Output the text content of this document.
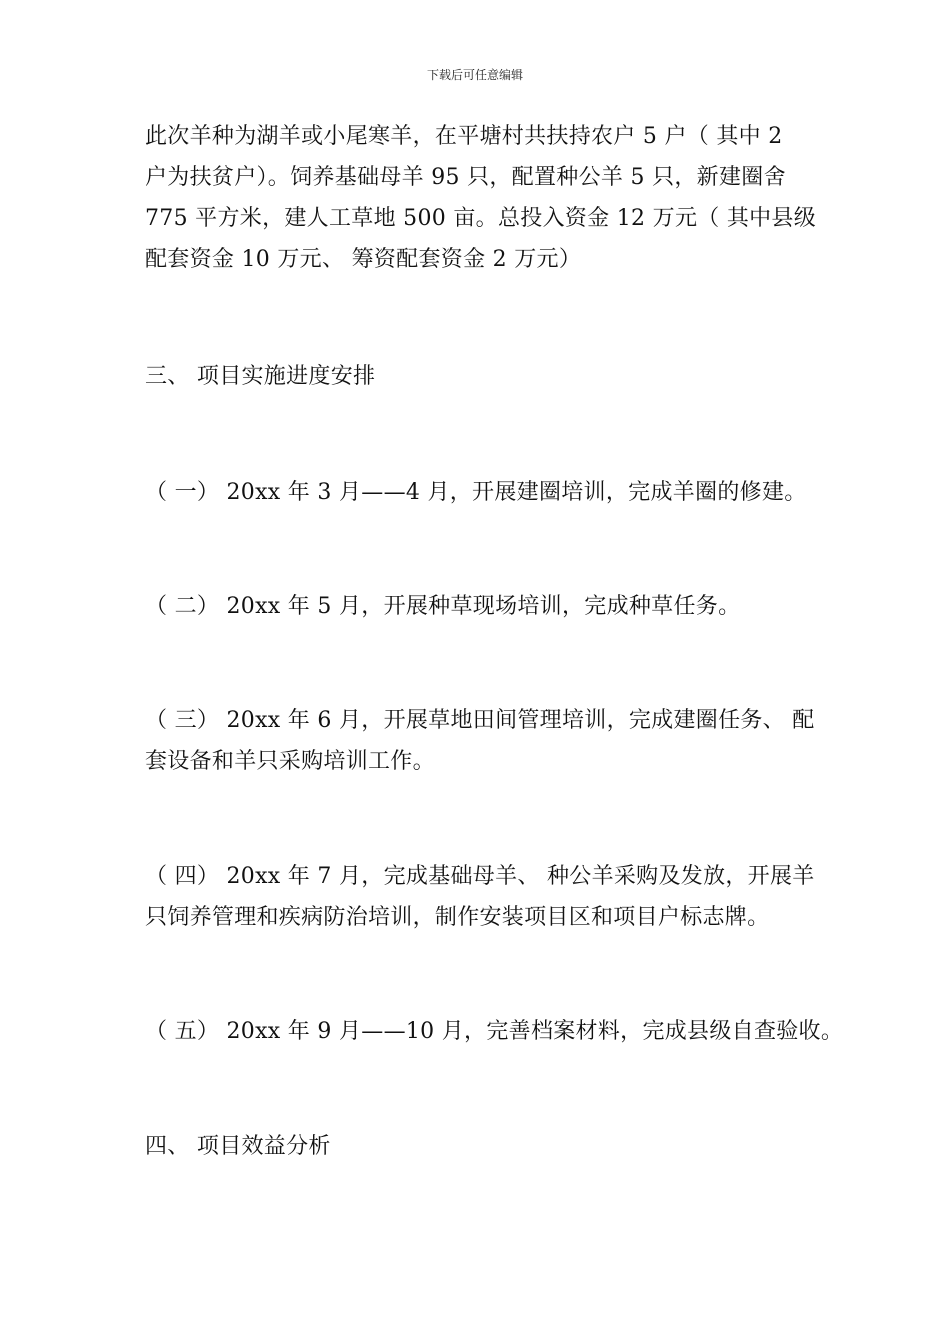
下载后可任意编辑
此次羊种为湖羊或小尾寒羊，在平塘村共扶持农户 5 户（ 其中 2
户为扶贫户）。饲养基础母羊 95 只，配置种公羊 5 只，新建圈舍
775 平方米，建人工草地 500 亩。总投入资金 12 万元（ 其中县级
配套资金 10 万元、 筹资配套资金 2 万元）
三、 项目实施进度安排
（ 一） 20xx 年 3 月——4 月，开展建圈培训，完成羊圈的修建。
（ 二） 20xx 年 5 月，开展种草现场培训，完成种草任务。
（ 三） 20xx 年 6 月，开展草地田间管理培训，完成建圈任务、 配
套设备和羊只采购培训工作。
（ 四） 20xx 年 7 月，完成基础母羊、 种公羊采购及发放，开展羊
只饲养管理和疾病防治培训，制作安装项目区和项目户标志牌。
（ 五） 20xx 年 9 月——10 月，完善档案材料，完成县级自查验收。
四、 项目效益分析
